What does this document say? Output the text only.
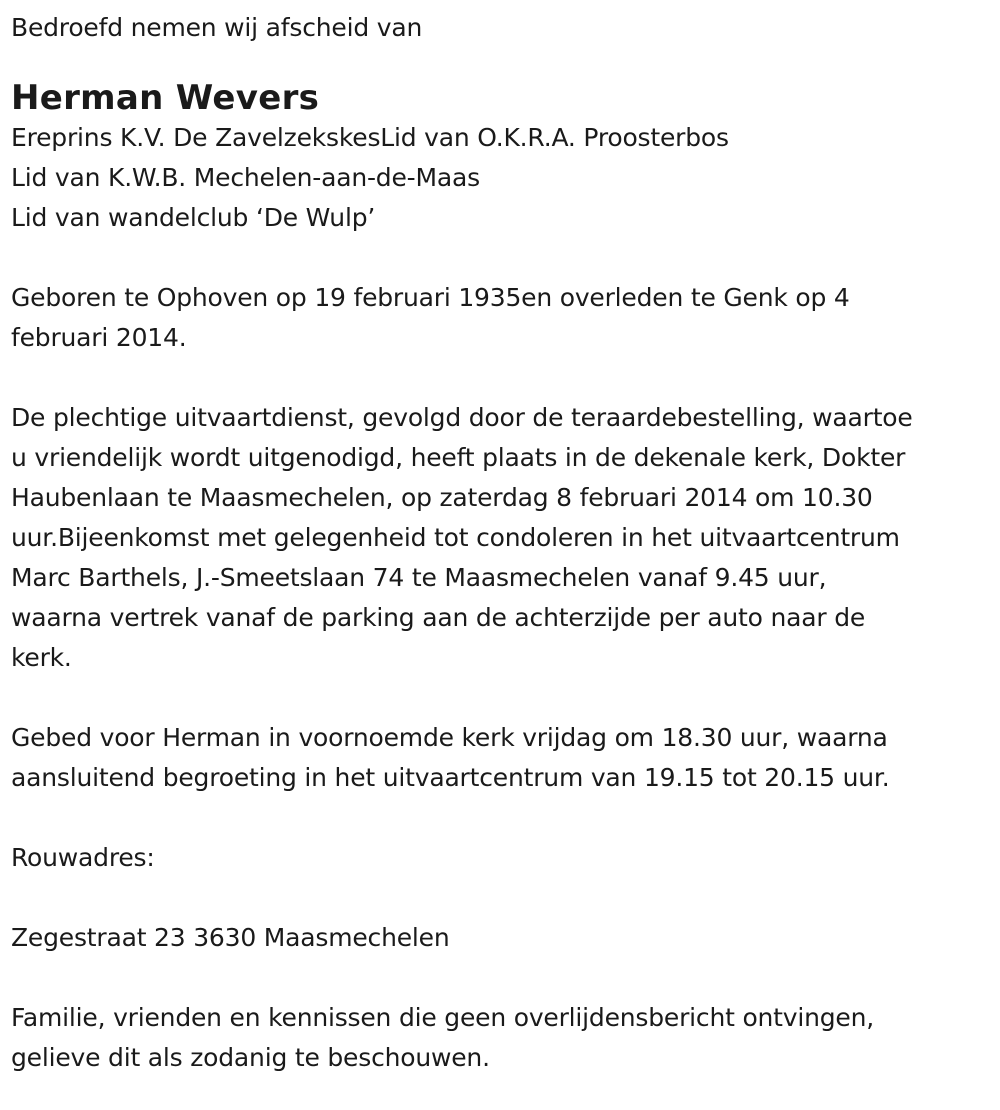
Bedroefd nemen wij afscheid van

Herman Wevers

Ereprins K.V. De ZavelzekskesLid van O.K.R.A. Proosterbos

Lid van K.W.B. Mechelen-aan-de-Maas

Lid van wandelclub ‘De Wulp’

Geboren te Ophoven op 19 februari 1935en overleden te Genk op 4

februari 2014.

De plechtige uitvaartdienst, gevolgd door de teraardebestelling, waartoe

u vriendelijk wordt uitgenodigd, heeft plaats in de dekenale kerk, Dokter

Haubenlaan te Maasmechelen, op zaterdag 8 februari 2014 om 10.30

uur.Bijeenkomst met gelegenheid tot condoleren in het uitvaartcentrum

Marc Barthels, J.-Smeetslaan 74 te Maasmechelen vanaf 9.45 uur,

waarna vertrek vanaf de parking aan de achterzijde per auto naar de

kerk.

Gebed voor Herman in voornoemde kerk vrijdag om 18.30 uur, waarna

aansluitend begroeting in het uitvaartcentrum van 19.15 tot 20.15 uur.

Rouwadres:

Zegestraat 23 3630 Maasmechelen

Familie, vrienden en kennissen die geen overlijdensbericht ontvingen,

gelieve dit als zodanig te beschouwen.
